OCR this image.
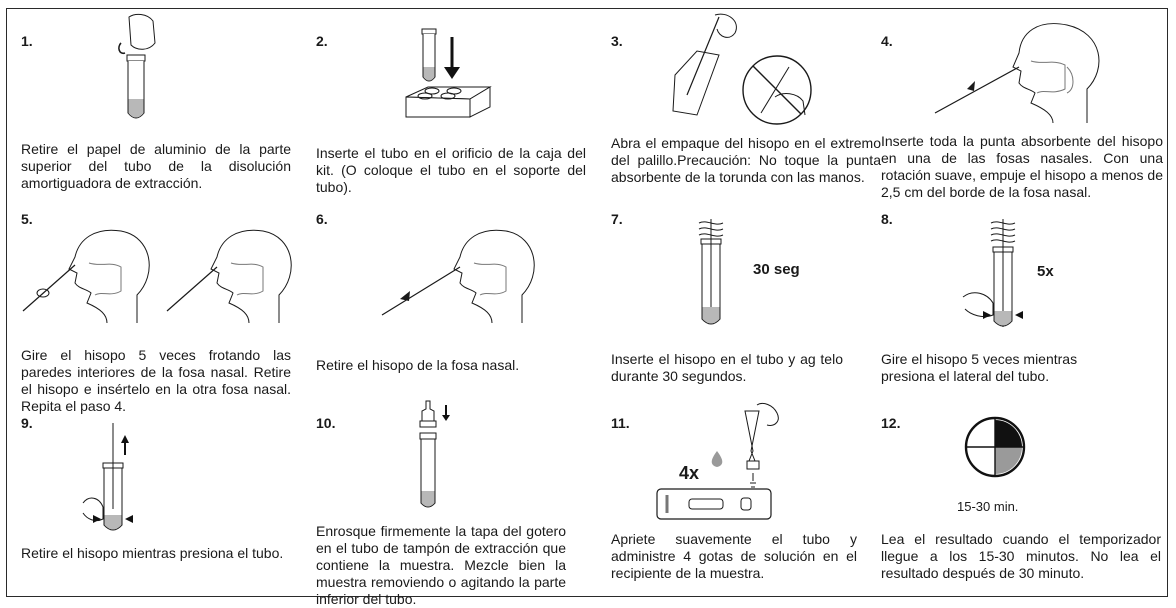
1.
Retire el papel de aluminio de la parte superior del tubo de la disolución amortiguadora de extracción.
2.
Inserte el tubo en el orificio de la caja del kit. (O coloque el tubo en el soporte del tubo).
3.
Abra el empaque del hisopo en el extremo del palillo.Precaución: No toque la punta absorbente de la torunda con las manos.
4.
Inserte toda la punta absorbente del hisopo en una de las fosas nasales. Con una rotación suave, empuje el hisopo a menos de 2,5 cm del borde de la fosa nasal.
5.
Gire el hisopo 5 veces frotando las paredes interiores de la fosa nasal. Retire el hisopo e insértelo en la otra fosa nasal. Repita el paso 4.
6.
Retire el hisopo de la fosa nasal.
7.
30 seg
Inserte el hisopo en el tubo y ag telo durante 30 segundos.
8.
5x
Gire el hisopo 5 veces mientras presiona el lateral del tubo.
9.
Retire el hisopo mientras presiona el tubo.
10.
Enrosque firmemente la tapa del gotero en el tubo de tampón de extracción que contiene la muestra. Mezcle bien la muestra removiendo o agitando la parte inferior del tubo.
11.
4x
Apriete suavemente el tubo y administre 4 gotas de solución en el recipiente de la muestra.
12.
15-30 min.
Lea el resultado cuando el temporizador llegue a los 15-30 minutos. No lea el resultado después de 30 minuto.
